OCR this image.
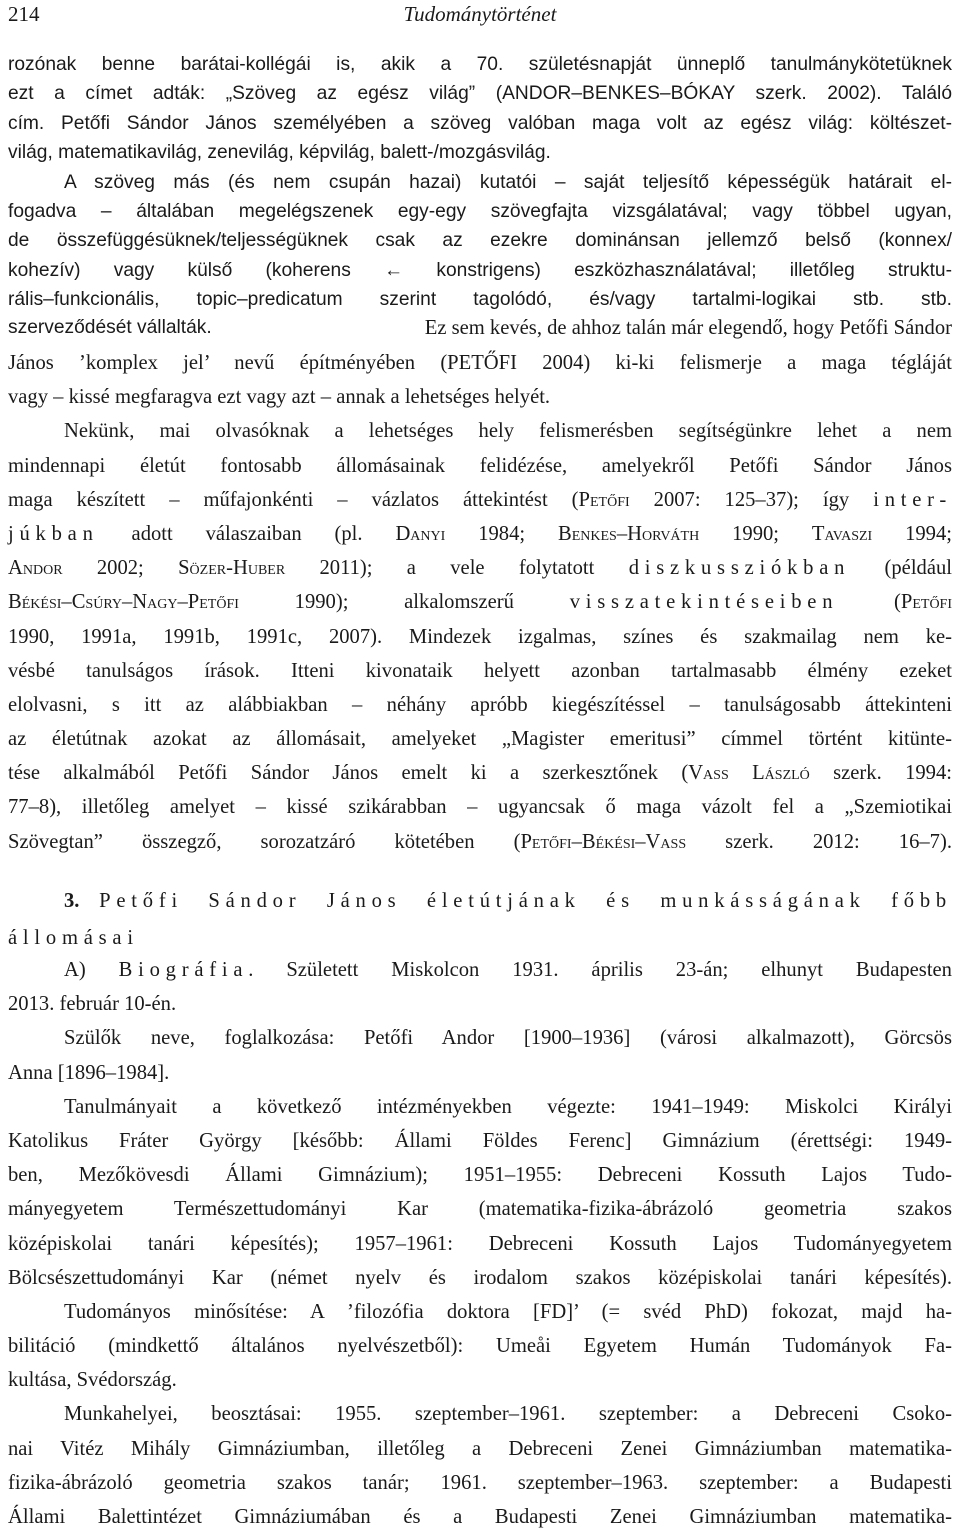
214	Tudománytörténet
rozónak benne barátai-kollégái is, akik a 70. születésnapját ünneplő tanulmánykötetüknek
ezt a címet adták: „Szöveg az egész világ” (ANDOR–BENKES–BÓKAY szerk. 2002). Találó
cím. Petőfi Sándor János személyében a szöveg valóban maga volt az egész világ: költészet-
világ, matematikavilág, zenevilág, képvilág, balett-/mozgásvilág.
A szöveg más (és nem csupán hazai) kutatói – saját teljesítő képességük határait el-
fogadva – általában megelégszenek egy-egy szövegfajta vizsgálatával; vagy többel ugyan,
de összefüggésüknek/teljességüknek csak az ezekre dominánsan jellemző belső (konnex/
kohezív) vagy külső (koherens ← konstrigens) eszközhasználatával; illetőleg struktu-
rális–funkcionális, topic–predicatum szerint tagolódó, és/vagy tartalmi-logikai stb. stb.
szerveződését vállalták.	Ez sem kevés, de ahhoz talán már elegendő, hogy Petőfi Sándor
János ’komplex jel’ nevű építményében (PETŐFI 2004) ki-ki felismerje a maga tégláját
vagy – kissé megfaragva ezt vagy azt – annak a lehetséges helyét.
Nekünk, mai olvasóknak a lehetséges hely felismerésben segítségünkre lehet a nem
mindennapi életút fontosabb állomásainak felidézése, amelyekről Petőfi Sándor János
maga készített – műfajonkénti – vázlatos áttekintést (Petőfi 2007: 125–37); így inter-
júkban adott válaszaiban (pl. Danyi 1984; Benkes–Horváth 1990; Tavaszi 1994;
Andor 2002; Sözer-Huber 2011); a vele folytatott diszkussziókban (például
Békési–Csúry–Nagy–Petőfi 1990); alkalomszerű visszatekintéseiben (Petőfi
1990, 1991a, 1991b, 1991c, 2007). Mindezek izgalmas, színes és szakmailag nem ke-
vésbé tanulságos írások. Itteni kivonataik helyett azonban tartalmasabb élmény ezeket
elolvasni, s itt az alábbiakban – néhány apróbb kiegészítéssel – tanulságosabb áttekinteni
az életútnak azokat az állomásait, amelyeket „Magister emeritusi” címmel történt kitünte-
tése alkalmából Petőfi Sándor János emelt ki a szerkesztőnek (Vass László szerk. 1994:
77–8), illetőleg amelyet – kissé szikárabban – ugyancsak ő maga vázolt fel a „Szemiotikai
Szövegtan” összegző, sorozatzáró kötetében (Petőfi–Békési–Vass szerk. 2012: 16–7).
3. Petőfi Sándor János életútjának és munkásságának főbb
állomásai
A) Biográfia. Született Miskolcon 1931. április 23-án; elhunyt Budapesten
2013. február 10-én.
Szülők neve, foglalkozása: Petőfi Andor [1900–1936] (városi alkalmazott), Görcsös
Anna [1896–1984].
Tanulmányait a következő intézményekben végezte: 1941–1949: Miskolci Királyi
Katolikus Fráter György [később: Állami Földes Ferenc] Gimnázium (érettségi: 1949-
ben, Mezőkövesdi Állami Gimnázium); 1951–1955: Debreceni Kossuth Lajos Tudo-
mányegyetem Természettudományi Kar (matematika-fizika-ábrázoló geometria szakos
középiskolai tanári képesítés); 1957–1961: Debreceni Kossuth Lajos Tudományegyetem
Bölcsészettudományi Kar (német nyelv és irodalom szakos középiskolai tanári képesítés).
Tudományos minősítése: A ’filozófia doktora [FD]’ (= svéd PhD) fokozat, majd ha-
bilitáció (mindkettő általános nyelvészetből): Umeåi Egyetem Humán Tudományok Fa-
kultása, Svédország.
Munkahelyei, beosztásai: 1955. szeptember–1961. szeptember: a Debreceni Csoko-
nai Vitéz Mihály Gimnáziumban, illetőleg a Debreceni Zenei Gimnáziumban matematika-
fizika-ábrázoló geometria szakos tanár; 1961. szeptember–1963. szeptember: a Budapesti
Állami Balettintézet Gimnáziumában és a Budapesti Zenei Gimnáziumban matematika-
